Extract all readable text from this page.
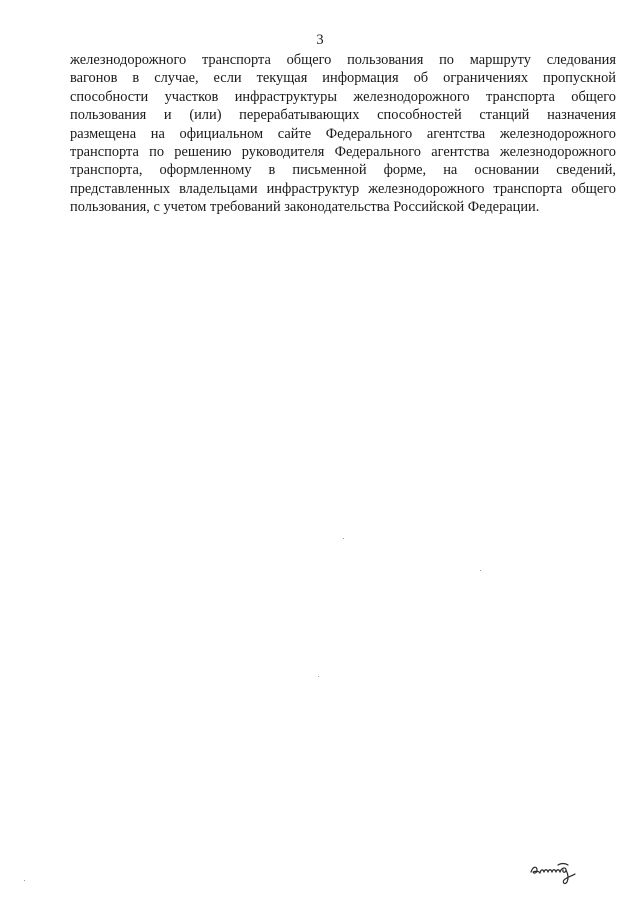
3
железнодорожного транспорта общего пользования по маршруту следования
вагонов в случае, если текущая информация об ограничениях пропускной
способности участков инфраструктуры железнодорожного транспорта общего
пользования и (или) перерабатывающих способностей станций назначения
размещена на официальном сайте Федерального агентства железнодорожного
транспорта по решению руководителя Федерального агентства железнодорожного
транспорта, оформленному в письменной форме, на основании сведений,
представленных владельцами инфраструктур железнодорожного транспорта общего
пользования, с учетом требований законодательства Российской Федерации.
